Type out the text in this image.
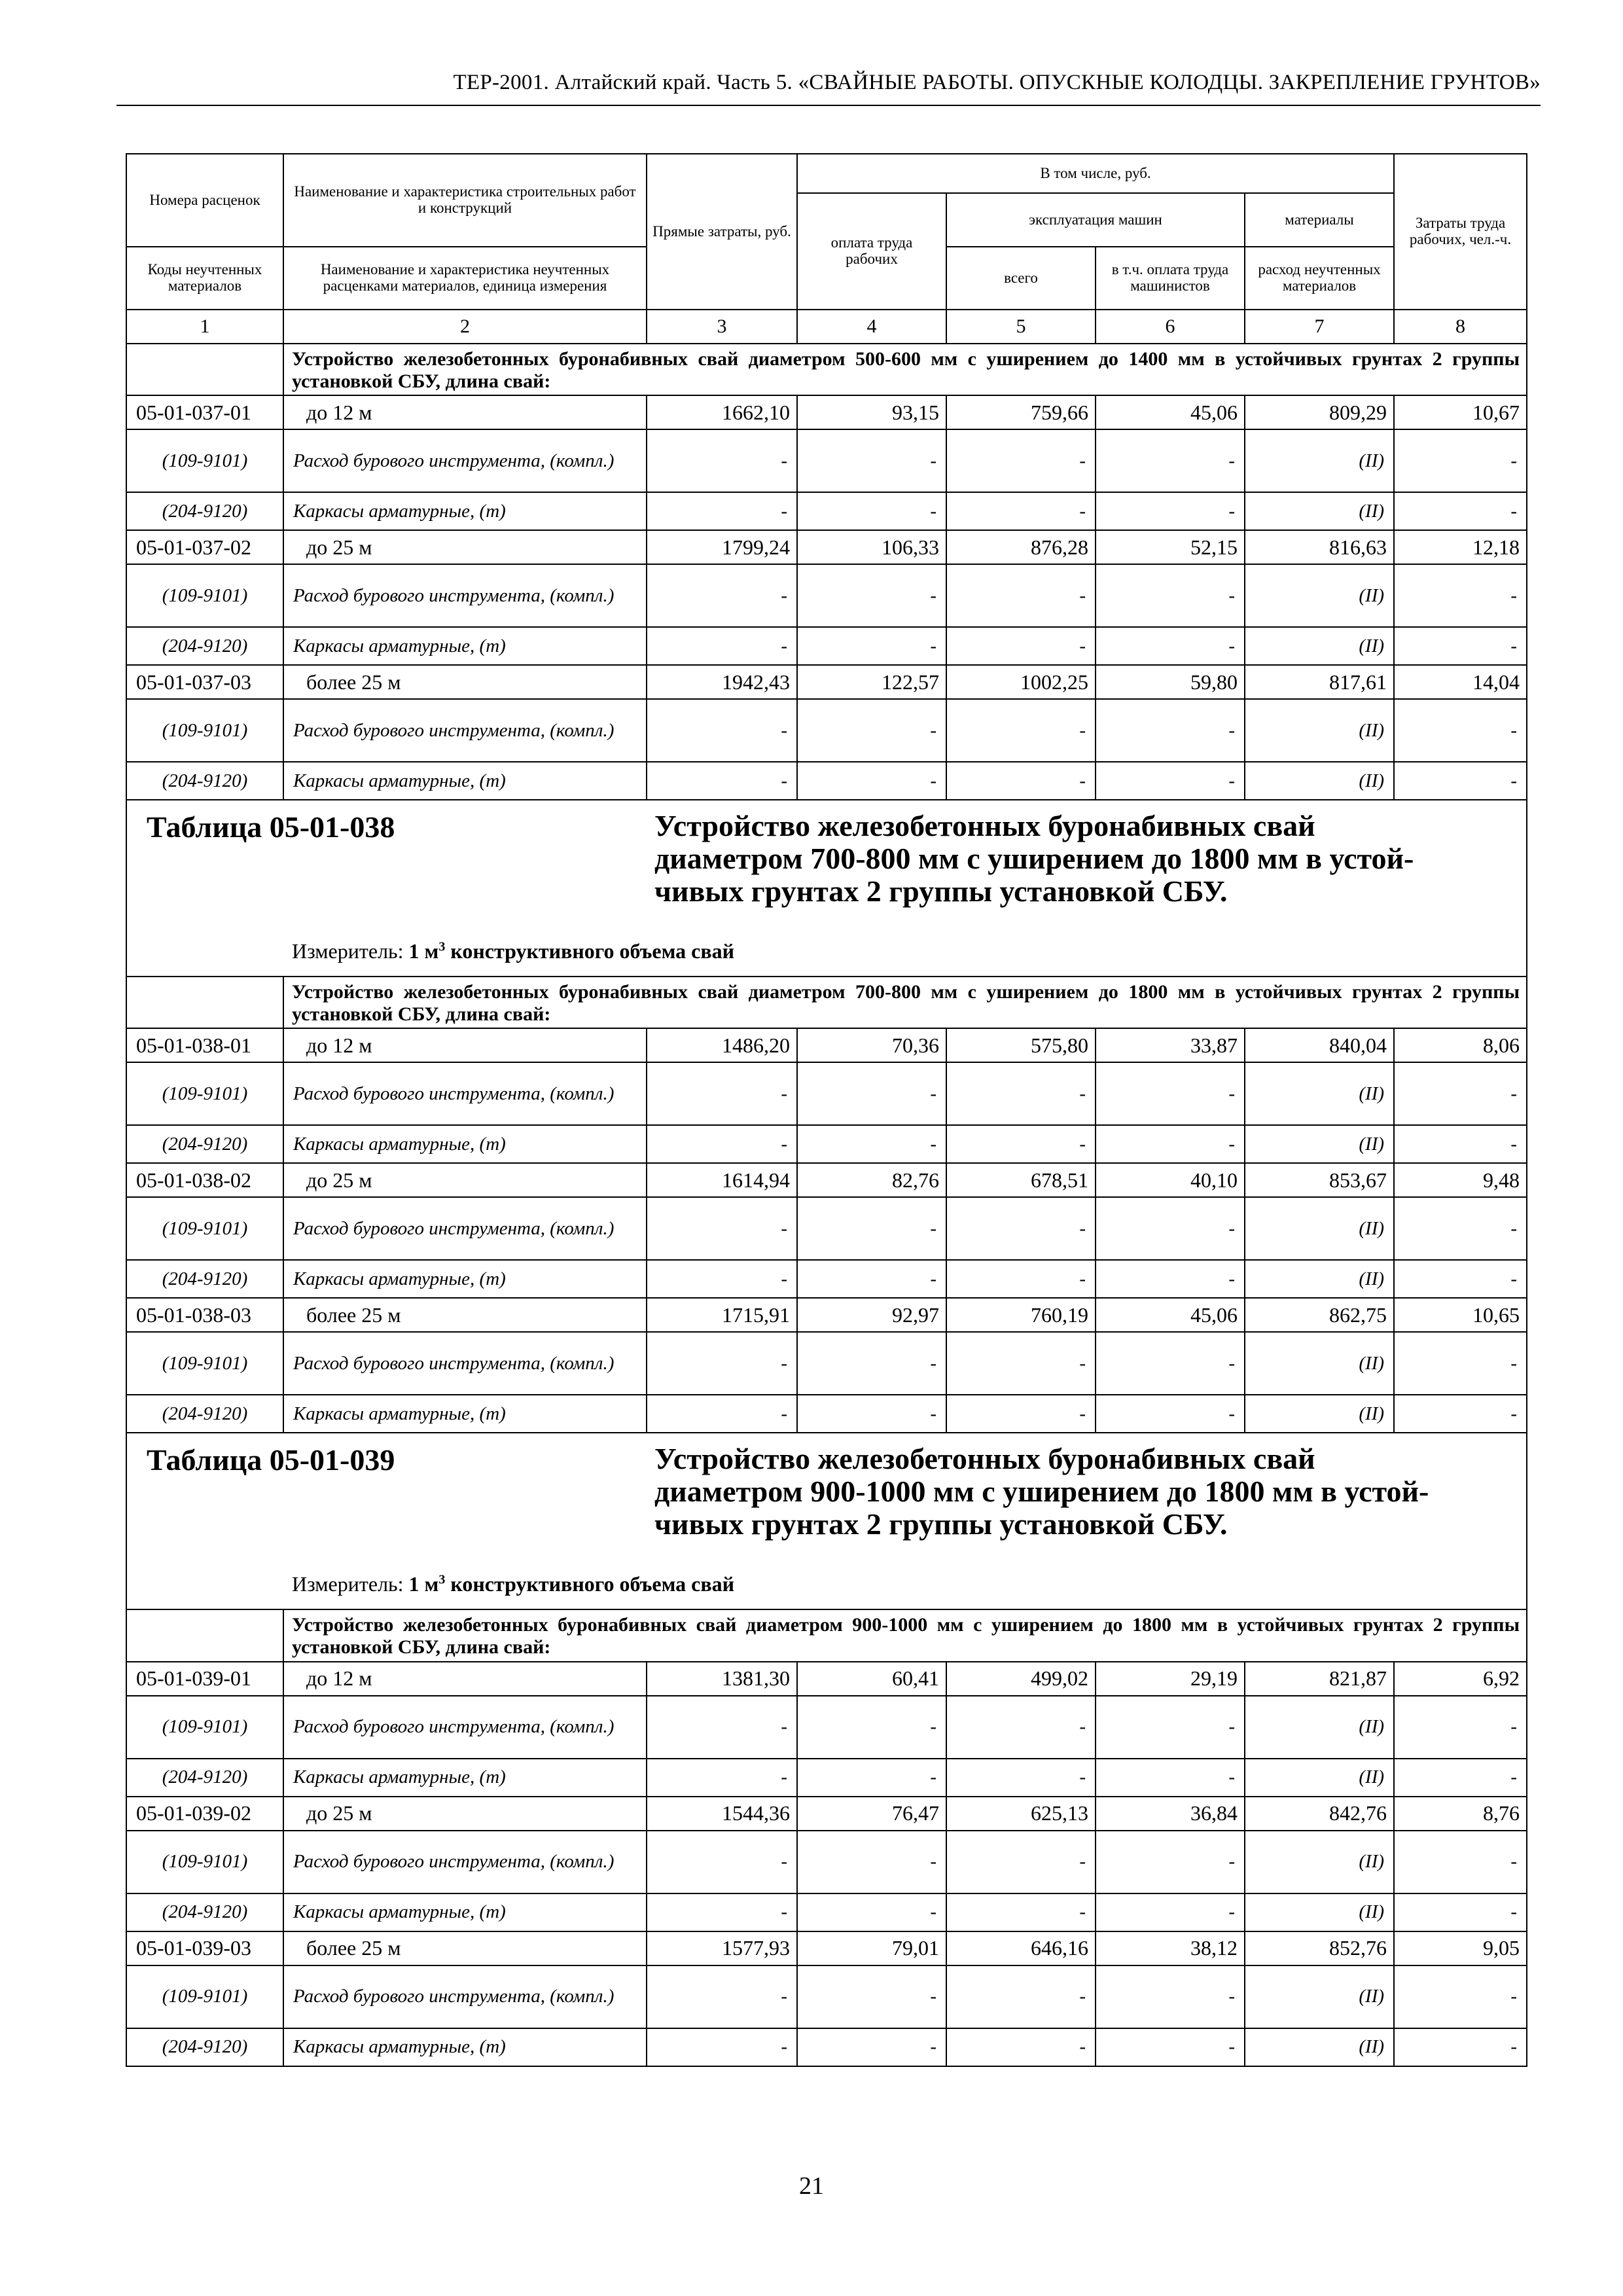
ТЕР-2001. Алтайский край. Часть 5. «СВАЙНЫЕ РАБОТЫ. ОПУСКНЫЕ КОЛОДЦЫ. ЗАКРЕПЛЕНИЕ ГРУНТОВ»
Номера расценок	Наименование и характеристика строительных работ и конструкций	Прямые затраты, руб.	В том числе, руб.				Затраты труда рабочих, чел.-ч.
			оплата труда рабочих	эксплуатация машин		материалы	
Коды неучтенных материалов	Наименование и характеристика неучтенных расценками материалов, единица измерения			всего	в т.ч. оплата труда машинистов	расход неучтенных материалов	
1	2	3	4	5	6	7	8
	Устройство железобетонных буронабивных свай диаметром 500-600 мм с уширением до 1400 мм в устойчивых грунтах 2 группы установкой СБУ, длина свай:						
05-01-037-01	до 12 м	1662,10	93,15	759,66	45,06	809,29	10,67
(109-9101)	Расход бурового инструмента, (компл.)	-	-	-	-	(II)	-
(204-9120)	Каркасы арматурные, (т)	-	-	-	-	(II)	-
05-01-037-02	до 25 м	1799,24	106,33	876,28	52,15	816,63	12,18
(109-9101)	Расход бурового инструмента, (компл.)	-	-	-	-	(II)	-
(204-9120)	Каркасы арматурные, (т)	-	-	-	-	(II)	-
05-01-037-03	более 25 м	1942,43	122,57	1002,25	59,80	817,61	14,04
(109-9101)	Расход бурового инструмента, (компл.)	-	-	-	-	(II)	-
(204-9120)	Каркасы арматурные, (т)	-	-	-	-	(II)	-

Таблица 05-01-038 Устройство железобетонных буронабивных свай диаметром 700-800 мм с уширением до 1800 мм в устойчивых грунтах 2 группы установкой СБУ.
Измеритель: 1 $м^3$ конструктивного объема свай							

	Устройство железобетонных буронабивных свай диаметром 700-800 мм с уширением до 1800 мм в устойчивых грунтах 2 группы установкой СБУ, длина свай:						
05-01-038-01	до 12 м	1486,20	70,36	575,80	33,87	840,04	8,06
(109-9101)	Расход бурового инструмента, (компл.)	-	-	-	-	(II)	-
(204-9120)	Каркасы арматурные, (т)	-	-	-	-	(II)	-
05-01-038-02	до 25 м	1614,94	82,76	678,51	40,10	853,67	9,48
(109-9101)	Расход бурового инструмента, (компл.)	-	-	-	-	(II)	-
(204-9120)	Каркасы арматурные, (т)	-	-	-	-	(II)	-
05-01-038-03	более 25 м	1715,91	92,97	760,19	45,06	862,75	10,65
(109-9101)	Расход бурового инструмента, (компл.)	-	-	-	-	(II)	-
(204-9120)	Каркасы арматурные, (т)	-	-	-	-	(II)	-

Таблица 05-01-039 Устройство железобетонных буронабивных свай диаметром 900-1000 мм с уширением до 1800 мм в устойчивых грунтах 2 группы установкой СБУ.
Измеритель: 1 $м^3$ конструктивного объема свай							

	Устройство железобетонных буронабивных свай диаметром 900-1000 мм с уширением до 1800 мм в устойчивых грунтах 2 группы установкой СБУ, длина свай:						
05-01-039-01	до 12 м	1381,30	60,41	499,02	29,19	821,87	6,92
(109-9101)	Расход бурового инструмента, (компл.)	-	-	-	-	(II)	-
(204-9120)	Каркасы арматурные, (т)	-	-	-	-	(II)	-
05-01-039-02	до 25 м	1544,36	76,47	625,13	36,84	842,76	8,76
(109-9101)	Расход бурового инструмента, (компл.)	-	-	-	-	(II)	-
(204-9120)	Каркасы арматурные, (т)	-	-	-	-	(II)	-
05-01-039-03	более 25 м	1577,93	79,01	646,16	38,12	852,76	9,05
(109-9101)	Расход бурового инструмента, (компл.)	-	-	-	-	(II)	-
(204-9120)	Каркасы арматурные, (т)	-	-	-	-	(II)	-
21
